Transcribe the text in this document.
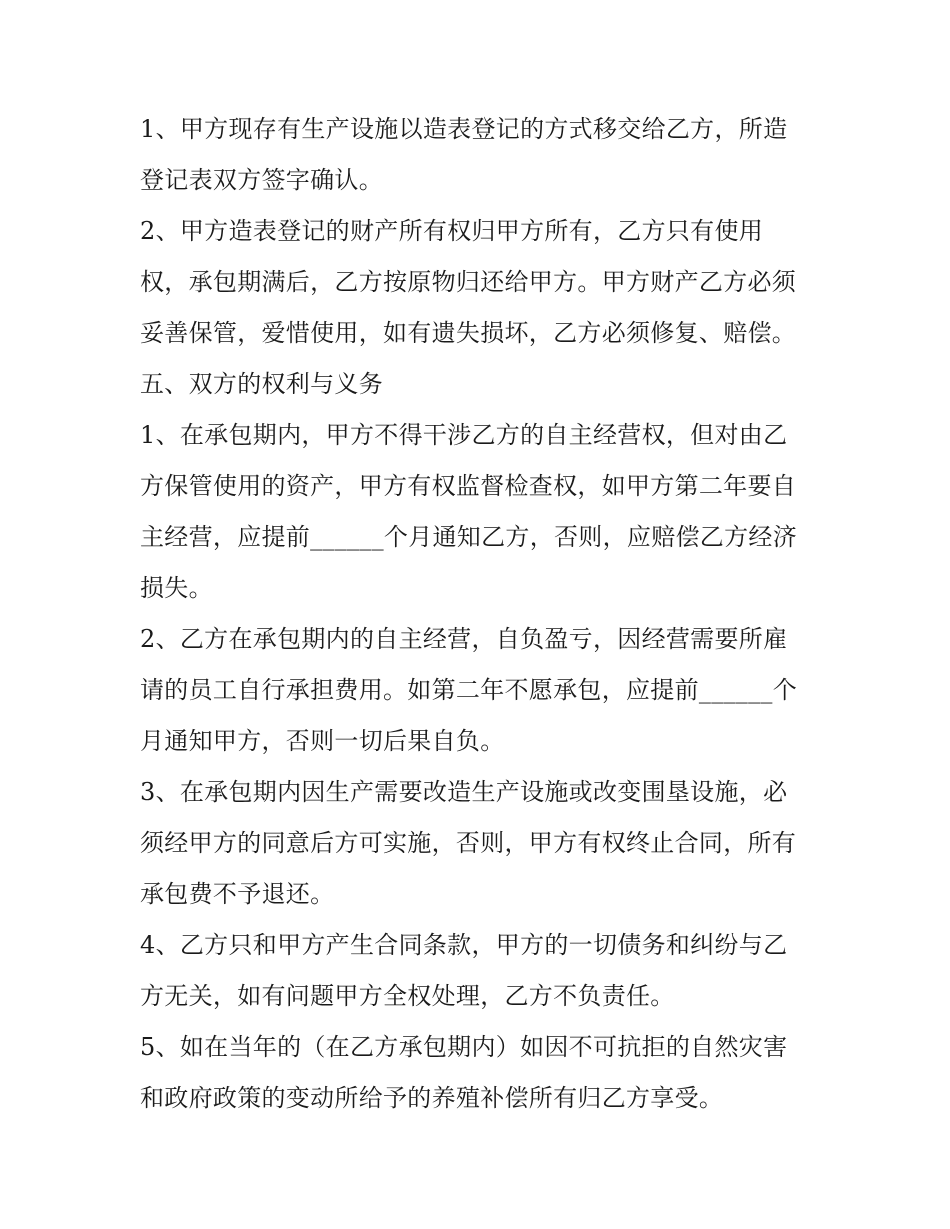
1、甲方现存有生产设施以造表登记的方式移交给乙方，所造
登记表双方签字确认。
2、甲方造表登记的财产所有权归甲方所有，乙方只有使用
权，承包期满后，乙方按原物归还给甲方。甲方财产乙方必须
妥善保管，爱惜使用，如有遗失损坏，乙方必须修复、赔偿。
五、双方的权利与义务
1、在承包期内，甲方不得干涉乙方的自主经营权，但对由乙
方保管使用的资产，甲方有权监督检查权，如甲方第二年要自
主经营，应提前______个月通知乙方，否则，应赔偿乙方经济
损失。
2、乙方在承包期内的自主经营，自负盈亏，因经营需要所雇
请的员工自行承担费用。如第二年不愿承包，应提前______个
月通知甲方，否则一切后果自负。
3、在承包期内因生产需要改造生产设施或改变围垦设施，必
须经甲方的同意后方可实施，否则，甲方有权终止合同，所有
承包费不予退还。
4、乙方只和甲方产生合同条款，甲方的一切债务和纠纷与乙
方无关，如有问题甲方全权处理，乙方不负责任。
5、如在当年的（在乙方承包期内）如因不可抗拒的自然灾害
和政府政策的变动所给予的养殖补偿所有归乙方享受。
